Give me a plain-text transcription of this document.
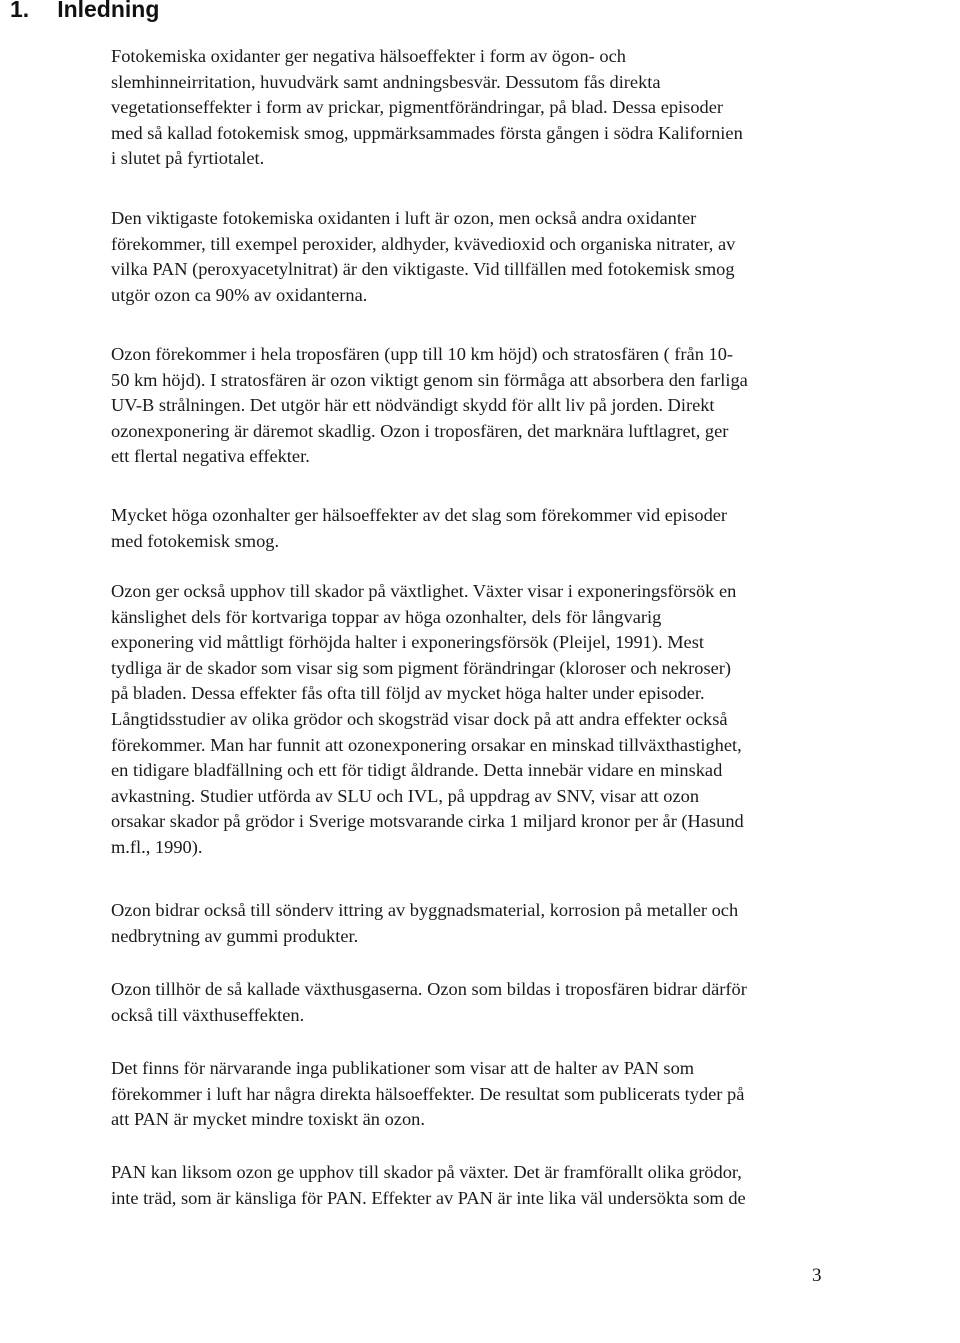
1. Inledning
Fotokemiska oxidanter ger negativa hälsoeffekter i form av ögon- och
slemhinneirritation, huvudvärk samt andningsbesvär. Dessutom fås direkta
vegetationseffekter i form av prickar, pigmentförändringar, på blad. Dessa episoder
med så kallad fotokemisk smog, uppmärksammades första gången i södra Kalifornien
i slutet på fyrtiotalet.
Den viktigaste fotokemiska oxidanten i luft är ozon, men också andra oxidanter
förekommer, till exempel peroxider, aldhyder, kvävedioxid och organiska nitrater, av
vilka PAN (peroxyacetylnitrat) är den viktigaste. Vid tillfällen med fotokemisk smog
utgör ozon ca 90% av oxidanterna.
Ozon förekommer i hela troposfären (upp till 10 km höjd) och stratosfären ( från 10-
50 km höjd). I stratosfären är ozon viktigt genom sin förmåga att absorbera den farliga
UV-B strålningen. Det utgör här ett nödvändigt skydd för allt liv på jorden. Direkt
ozonexponering är däremot skadlig. Ozon i troposfären, det marknära luftlagret, ger
ett flertal negativa effekter.
Mycket höga ozonhalter ger hälsoeffekter av det slag som förekommer vid episoder
med fotokemisk smog.
Ozon ger också upphov till skador på växtlighet. Växter visar i exponeringsförsök en
känslighet dels för kortvariga toppar av höga ozonhalter, dels för långvarig
exponering vid måttligt förhöjda halter i exponeringsförsök (Pleijel, 1991). Mest
tydliga är de skador som visar sig som pigment förändringar (kloroser och nekroser)
på bladen. Dessa effekter fås ofta till följd av mycket höga halter under episoder.
Långtidsstudier av olika grödor och skogsträd visar dock på att andra effekter också
förekommer. Man har funnit att ozonexponering orsakar en minskad tillväxthastighet,
en tidigare bladfällning och ett för tidigt åldrande. Detta innebär vidare en minskad
avkastning. Studier utförda av SLU och IVL, på uppdrag av SNV, visar att ozon
orsakar skador på grödor i Sverige motsvarande cirka 1 miljard kronor per år (Hasund
m.fl., 1990).
Ozon bidrar också till sönderv ittring av byggnadsmaterial, korrosion på metaller och
nedbrytning av gummi produkter.
Ozon tillhör de så kallade växthusgaserna. Ozon som bildas i troposfären bidrar därför
också till växthuseffekten.
Det finns för närvarande inga publikationer som visar att de halter av PAN som
förekommer i luft har några direkta hälsoeffekter. De resultat som publicerats tyder på
att PAN är mycket mindre toxiskt än ozon.
PAN kan liksom ozon ge upphov till skador på växter. Det är framförallt olika grödor,
inte träd, som är känsliga för PAN. Effekter av PAN är inte lika väl undersökta som de
3
